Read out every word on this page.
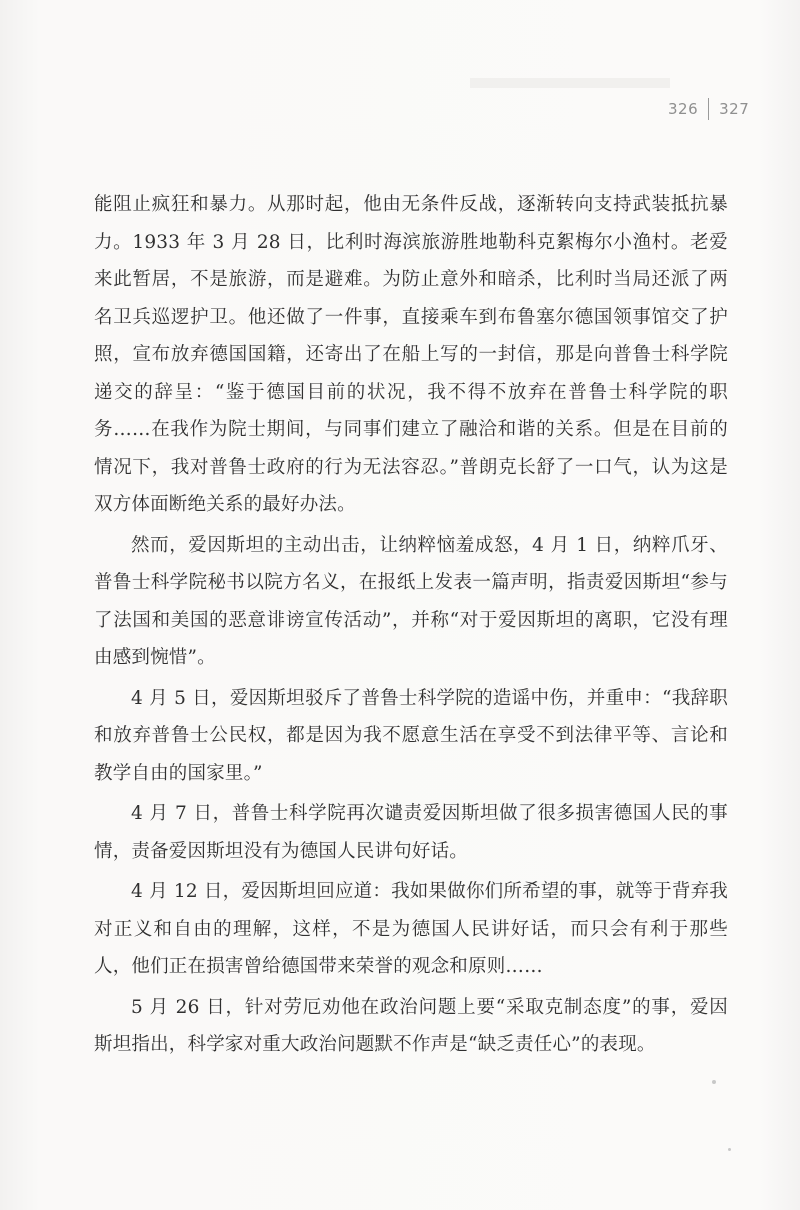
326 327

能阻止疯狂和暴力。从那时起，他由无条件反战，逐渐转向支持武装抵抗暴力。1933 年 3 月 28 日，比利时海滨旅游胜地勒科克絮梅尔小渔村。老爱来此暂居，不是旅游，而是避难。为防止意外和暗杀，比利时当局还派了两名卫兵巡逻护卫。他还做了一件事，直接乘车到布鲁塞尔德国领事馆交了护照，宣布放弃德国国籍，还寄出了在船上写的一封信，那是向普鲁士科学院递交的辞呈：“鉴于德国目前的状况，我不得不放弃在普鲁士科学院的职务……在我作为院士期间，与同事们建立了融洽和谐的关系。但是在目前的情况下，我对普鲁士政府的行为无法容忍。”普朗克长舒了一口气，认为这是双方体面断绝关系的最好办法。

然而，爱因斯坦的主动出击，让纳粹恼羞成怒，4 月 1 日，纳粹爪牙、普鲁士科学院秘书以院方名义，在报纸上发表一篇声明，指责爱因斯坦“参与了法国和美国的恶意诽谤宣传活动”，并称“对于爱因斯坦的离职，它没有理由感到惋惜”。

4 月 5 日，爱因斯坦驳斥了普鲁士科学院的造谣中伤，并重申：“我辞职和放弃普鲁士公民权，都是因为我不愿意生活在享受不到法律平等、言论和教学自由的国家里。”

4 月 7 日，普鲁士科学院再次谴责爱因斯坦做了很多损害德国人民的事情，责备爱因斯坦没有为德国人民讲句好话。

4 月 12 日，爱因斯坦回应道：我如果做你们所希望的事，就等于背弃我对正义和自由的理解，这样，不是为德国人民讲好话，而只会有利于那些人，他们正在损害曾给德国带来荣誉的观念和原则……

5 月 26 日，针对劳厄劝他在政治问题上要“采取克制态度”的事，爱因斯坦指出，科学家对重大政治问题默不作声是“缺乏责任心”的表现。
